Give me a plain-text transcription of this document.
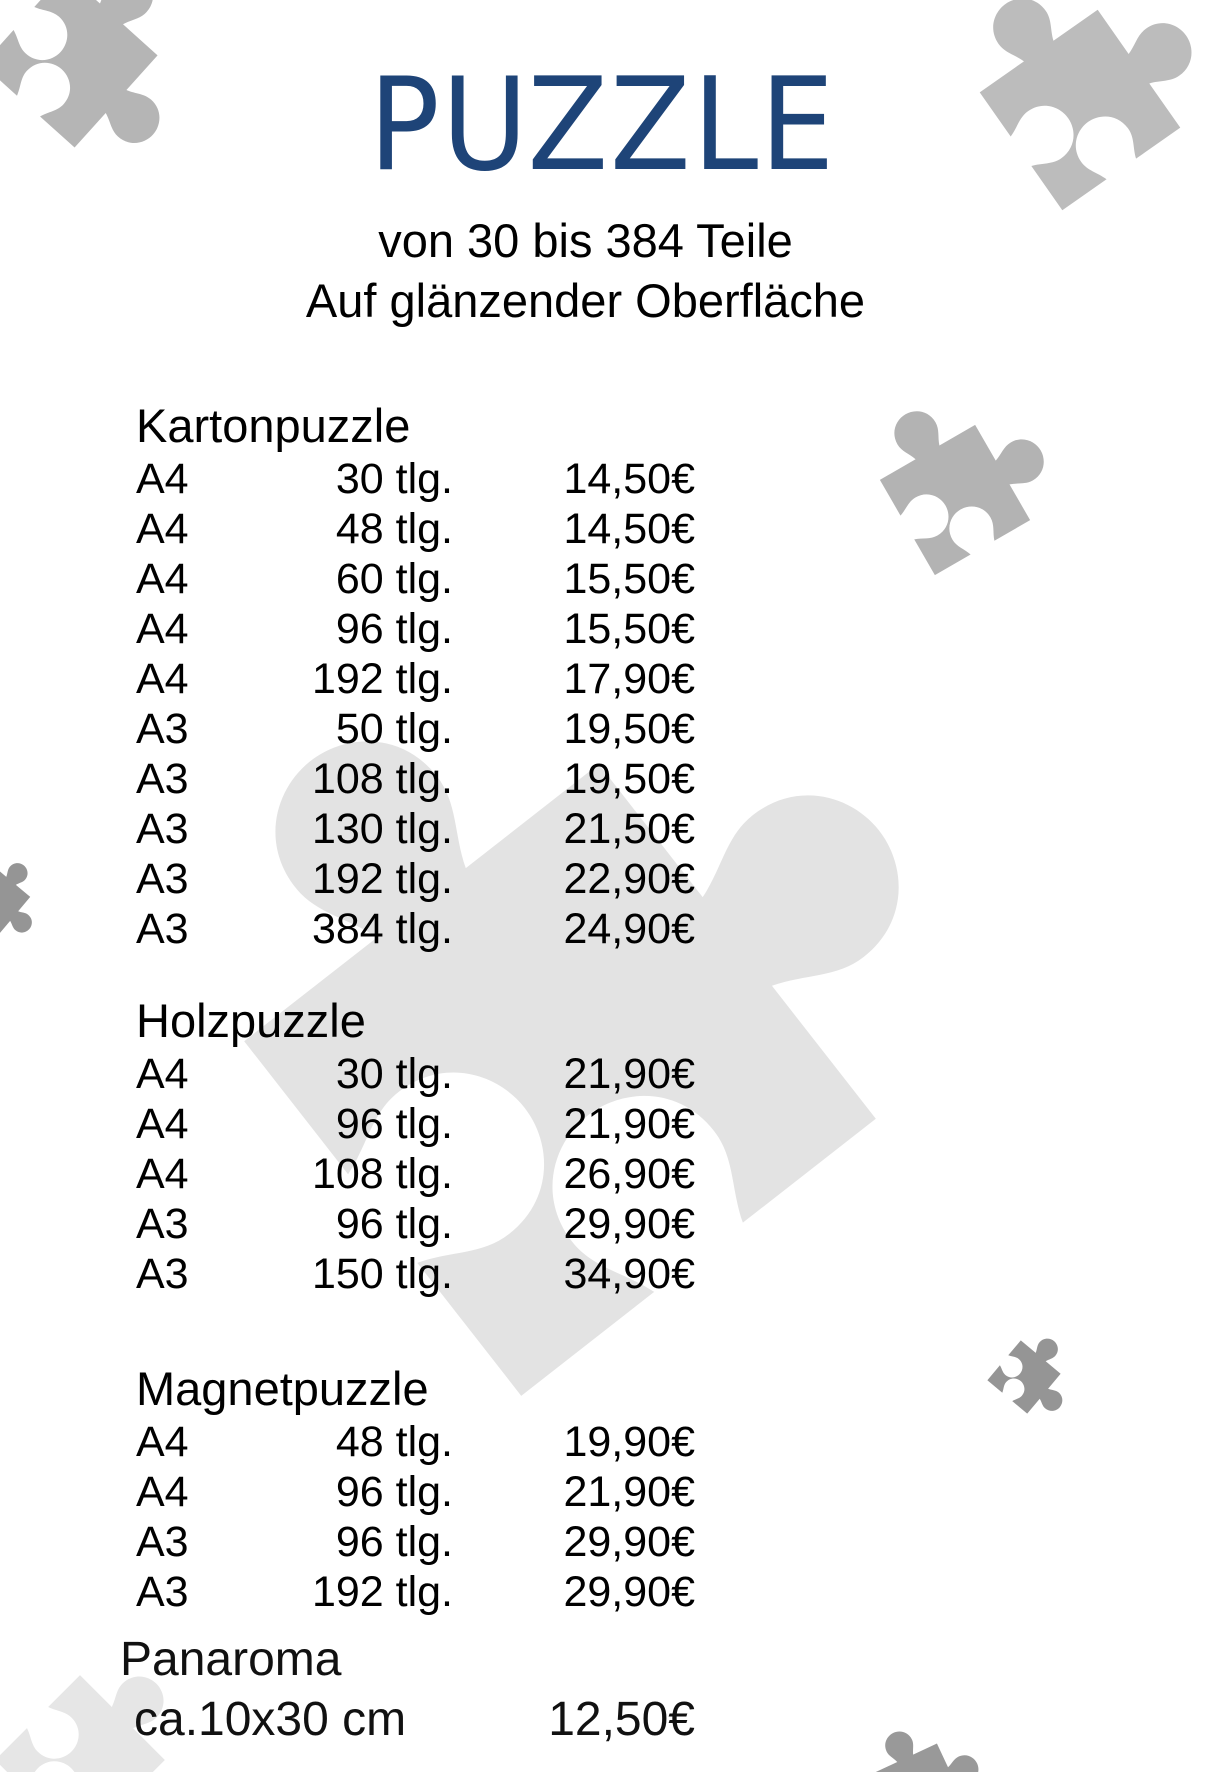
PUZZLE
von 30 bis 384 Teile
Auf glänzender Oberfläche
Kartonpuzzle
A4	30 tlg.	14,50€
A4	48 tlg.	14,50€
A4	60 tlg.	15,50€
A4	96 tlg.	15,50€
A4	192 tlg.	17,90€
A3	50 tlg.	19,50€
A3	108 tlg.	19,50€
A3	130 tlg.	21,50€
A3	192 tlg.	22,90€
A3	384 tlg.	24,90€
Holzpuzzle
A4	30 tlg.	21,90€
A4	96 tlg.	21,90€
A4	108 tlg.	26,90€
A3	96 tlg.	29,90€
A3	150 tlg.	34,90€
Magnetpuzzle
A4	48 tlg.	19,90€
A4	96 tlg.	21,90€
A3	96 tlg.	29,90€
A3	192 tlg.	29,90€
Panaroma
ca.10x30 cm	12,50€
